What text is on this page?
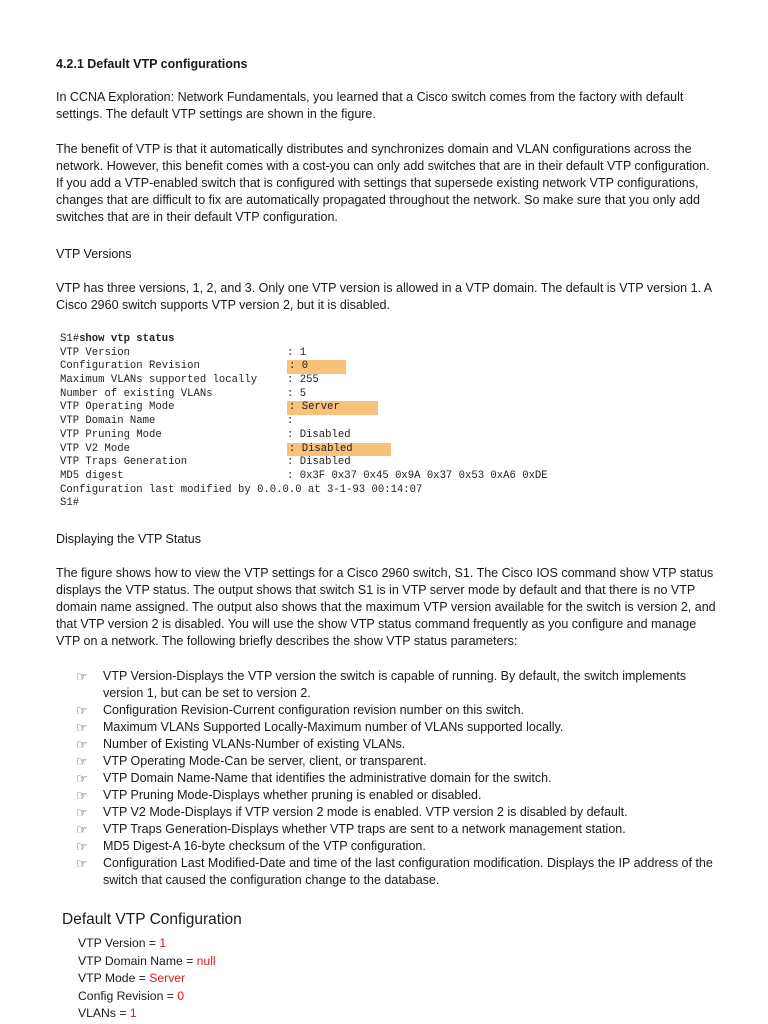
4.2.1 Default VTP configurations
In CCNA Exploration: Network Fundamentals, you learned that a Cisco switch comes from the factory with default settings. The default VTP settings are shown in the figure.
The benefit of VTP is that it automatically distributes and synchronizes domain and VLAN configurations across the network. However, this benefit comes with a cost-you can only add switches that are in their default VTP configuration. If you add a VTP-enabled switch that is configured with settings that supersede existing network VTP configurations, changes that are difficult to fix are automatically propagated throughout the network. So make sure that you only add switches that are in their default VTP configuration.
VTP Versions
VTP has three versions, 1, 2, and 3. Only one VTP version is allowed in a VTP domain. The default is VTP version 1. A Cisco 2960 switch supports VTP version 2, but it is disabled.
S1#show vtp status
VTP Version	: 1
Configuration Revision	: 0
Maximum VLANs supported locally	: 255
Number of existing VLANs	: 5
VTP Operating Mode	: Server
VTP Domain Name	:
VTP Pruning Mode	: Disabled
VTP V2 Mode	: Disabled
VTP Traps Generation	: Disabled
MD5 digest	: 0x3F 0x37 0x45 0x9A 0x37 0x53 0xA6 0xDE
Configuration last modified by 0.0.0.0 at 3-1-93 00:14:07
S1#
Displaying the VTP Status
The figure shows how to view the VTP settings for a Cisco 2960 switch, S1. The Cisco IOS command show VTP status displays the VTP status. The output shows that switch S1 is in VTP server mode by default and that there is no VTP domain name assigned. The output also shows that the maximum VTP version available for the switch is version 2, and that VTP version 2 is disabled. You will use the show VTP status command frequently as you configure and manage VTP on a network. The following briefly describes the show VTP status parameters:
☞ VTP Version-Displays the VTP version the switch is capable of running. By default, the switch implements version 1, but can be set to version 2.
☞ Configuration Revision-Current configuration revision number on this switch.
☞ Maximum VLANs Supported Locally-Maximum number of VLANs supported locally.
☞ Number of Existing VLANs-Number of existing VLANs.
☞ VTP Operating Mode-Can be server, client, or transparent.
☞ VTP Domain Name-Name that identifies the administrative domain for the switch.
☞ VTP Pruning Mode-Displays whether pruning is enabled or disabled.
☞ VTP V2 Mode-Displays if VTP version 2 mode is enabled. VTP version 2 is disabled by default.
☞ VTP Traps Generation-Displays whether VTP traps are sent to a network management station.
☞ MD5 Digest-A 16-byte checksum of the VTP configuration.
☞ Configuration Last Modified-Date and time of the last configuration modification. Displays the IP address of the switch that caused the configuration change to the database.
Default VTP Configuration
VTP Version = 1
VTP Domain Name = null
VTP Mode = Server
Config Revision = 0
VLANs = 1
